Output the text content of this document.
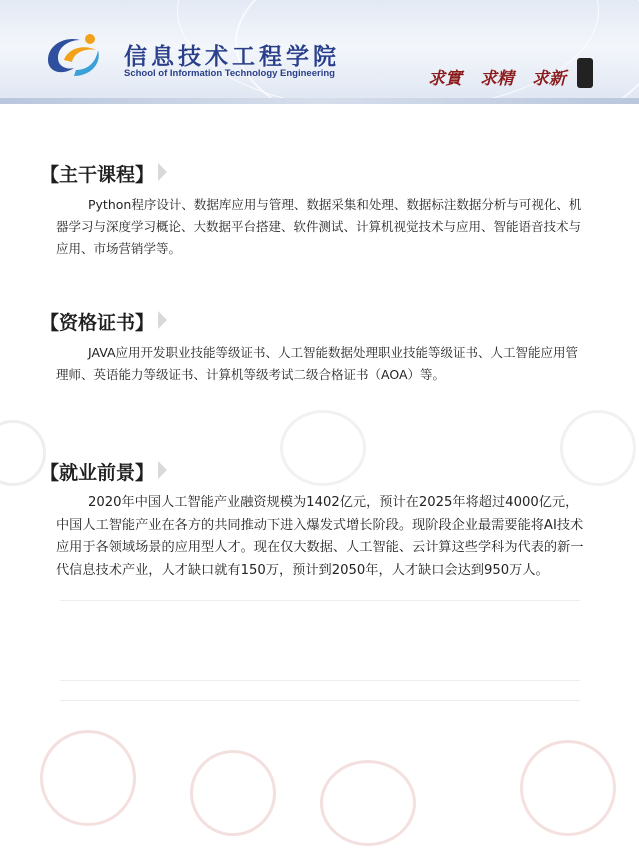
信息技术工程学院
School of Information Technology Engineering	求實 求精 求新
【主干课程】
Python程序设计、数据库应用与管理、数据采集和处理、数据标注数据分析与可视化、机器学习与深度学习概论、大数据平台搭建、软件测试、计算机视觉技术与应用、智能语音技术与应用、市场营销学等。
【资格证书】
JAVA应用开发职业技能等级证书、人工智能数据处理职业技能等级证书、人工智能应用管理师、英语能力等级证书、计算机等级考试二级合格证书（AOA）等。
【就业前景】
2020年中国人工智能产业融资规模为1402亿元，预计在2025年将超过4000亿元，中国人工智能产业在各方的共同推动下进入爆发式增长阶段。现阶段企业最需要能将AI技术应用于各领域场景的应用型人才。现在仅大数据、人工智能、云计算这些学科为代表的新一代信息技术产业，人才缺口就有150万，预计到2050年，人才缺口会达到950万人。
